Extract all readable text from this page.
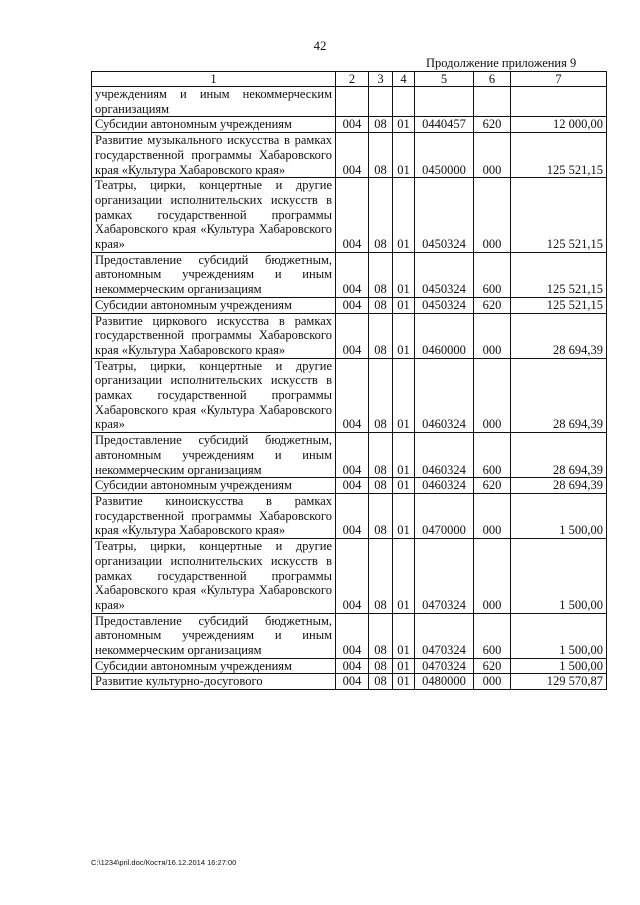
42
Продолжение приложения 9
1	2	3	4	5	6	7
учреждениям и иным некоммерческим организациям						
Субсидии автономным учреждениям	004	08	01	0440457	620	12 000,00
Развитие музыкального искусства в рамках государственной программы Хабаровского края «Культура Хабаровского края»	004	08	01	0450000	000	125 521,15
Театры, цирки, концертные и другие организации исполнительских искусств в рамках государственной программы Хабаровского края «Культура Хабаровского края»	004	08	01	0450324	000	125 521,15
Предоставление субсидий бюджетным, автономным учреждениям и иным некоммерческим организациям	004	08	01	0450324	600	125 521,15
Субсидии автономным учреждениям	004	08	01	0450324	620	125 521,15
Развитие циркового искусства в рамках государственной программы Хабаровского края «Культура Хабаровского края»	004	08	01	0460000	000	28 694,39
Театры, цирки, концертные и другие организации исполнительских искусств в рамках государственной программы Хабаровского края «Культура Хабаровского края»	004	08	01	0460324	000	28 694,39
Предоставление субсидий бюджетным, автономным учреждениям и иным некоммерческим организациям	004	08	01	0460324	600	28 694,39
Субсидии автономным учреждениям	004	08	01	0460324	620	28 694,39
Развитие киноискусства в рамках государственной программы Хабаровского края «Культура Хабаровского края»	004	08	01	0470000	000	1 500,00
Театры, цирки, концертные и другие организации исполнительских искусств в рамках государственной программы Хабаровского края «Культура Хабаровского края»	004	08	01	0470324	000	1 500,00
Предоставление субсидий бюджетным, автономным учреждениям и иным некоммерческим организациям	004	08	01	0470324	600	1 500,00
Субсидии автономным учреждениям	004	08	01	0470324	620	1 500,00
Развитие культурно-досугового	004	08	01	0480000	000	129 570,87
C:\1234\pril.doc/Костя/16.12.2014 16:27:00
